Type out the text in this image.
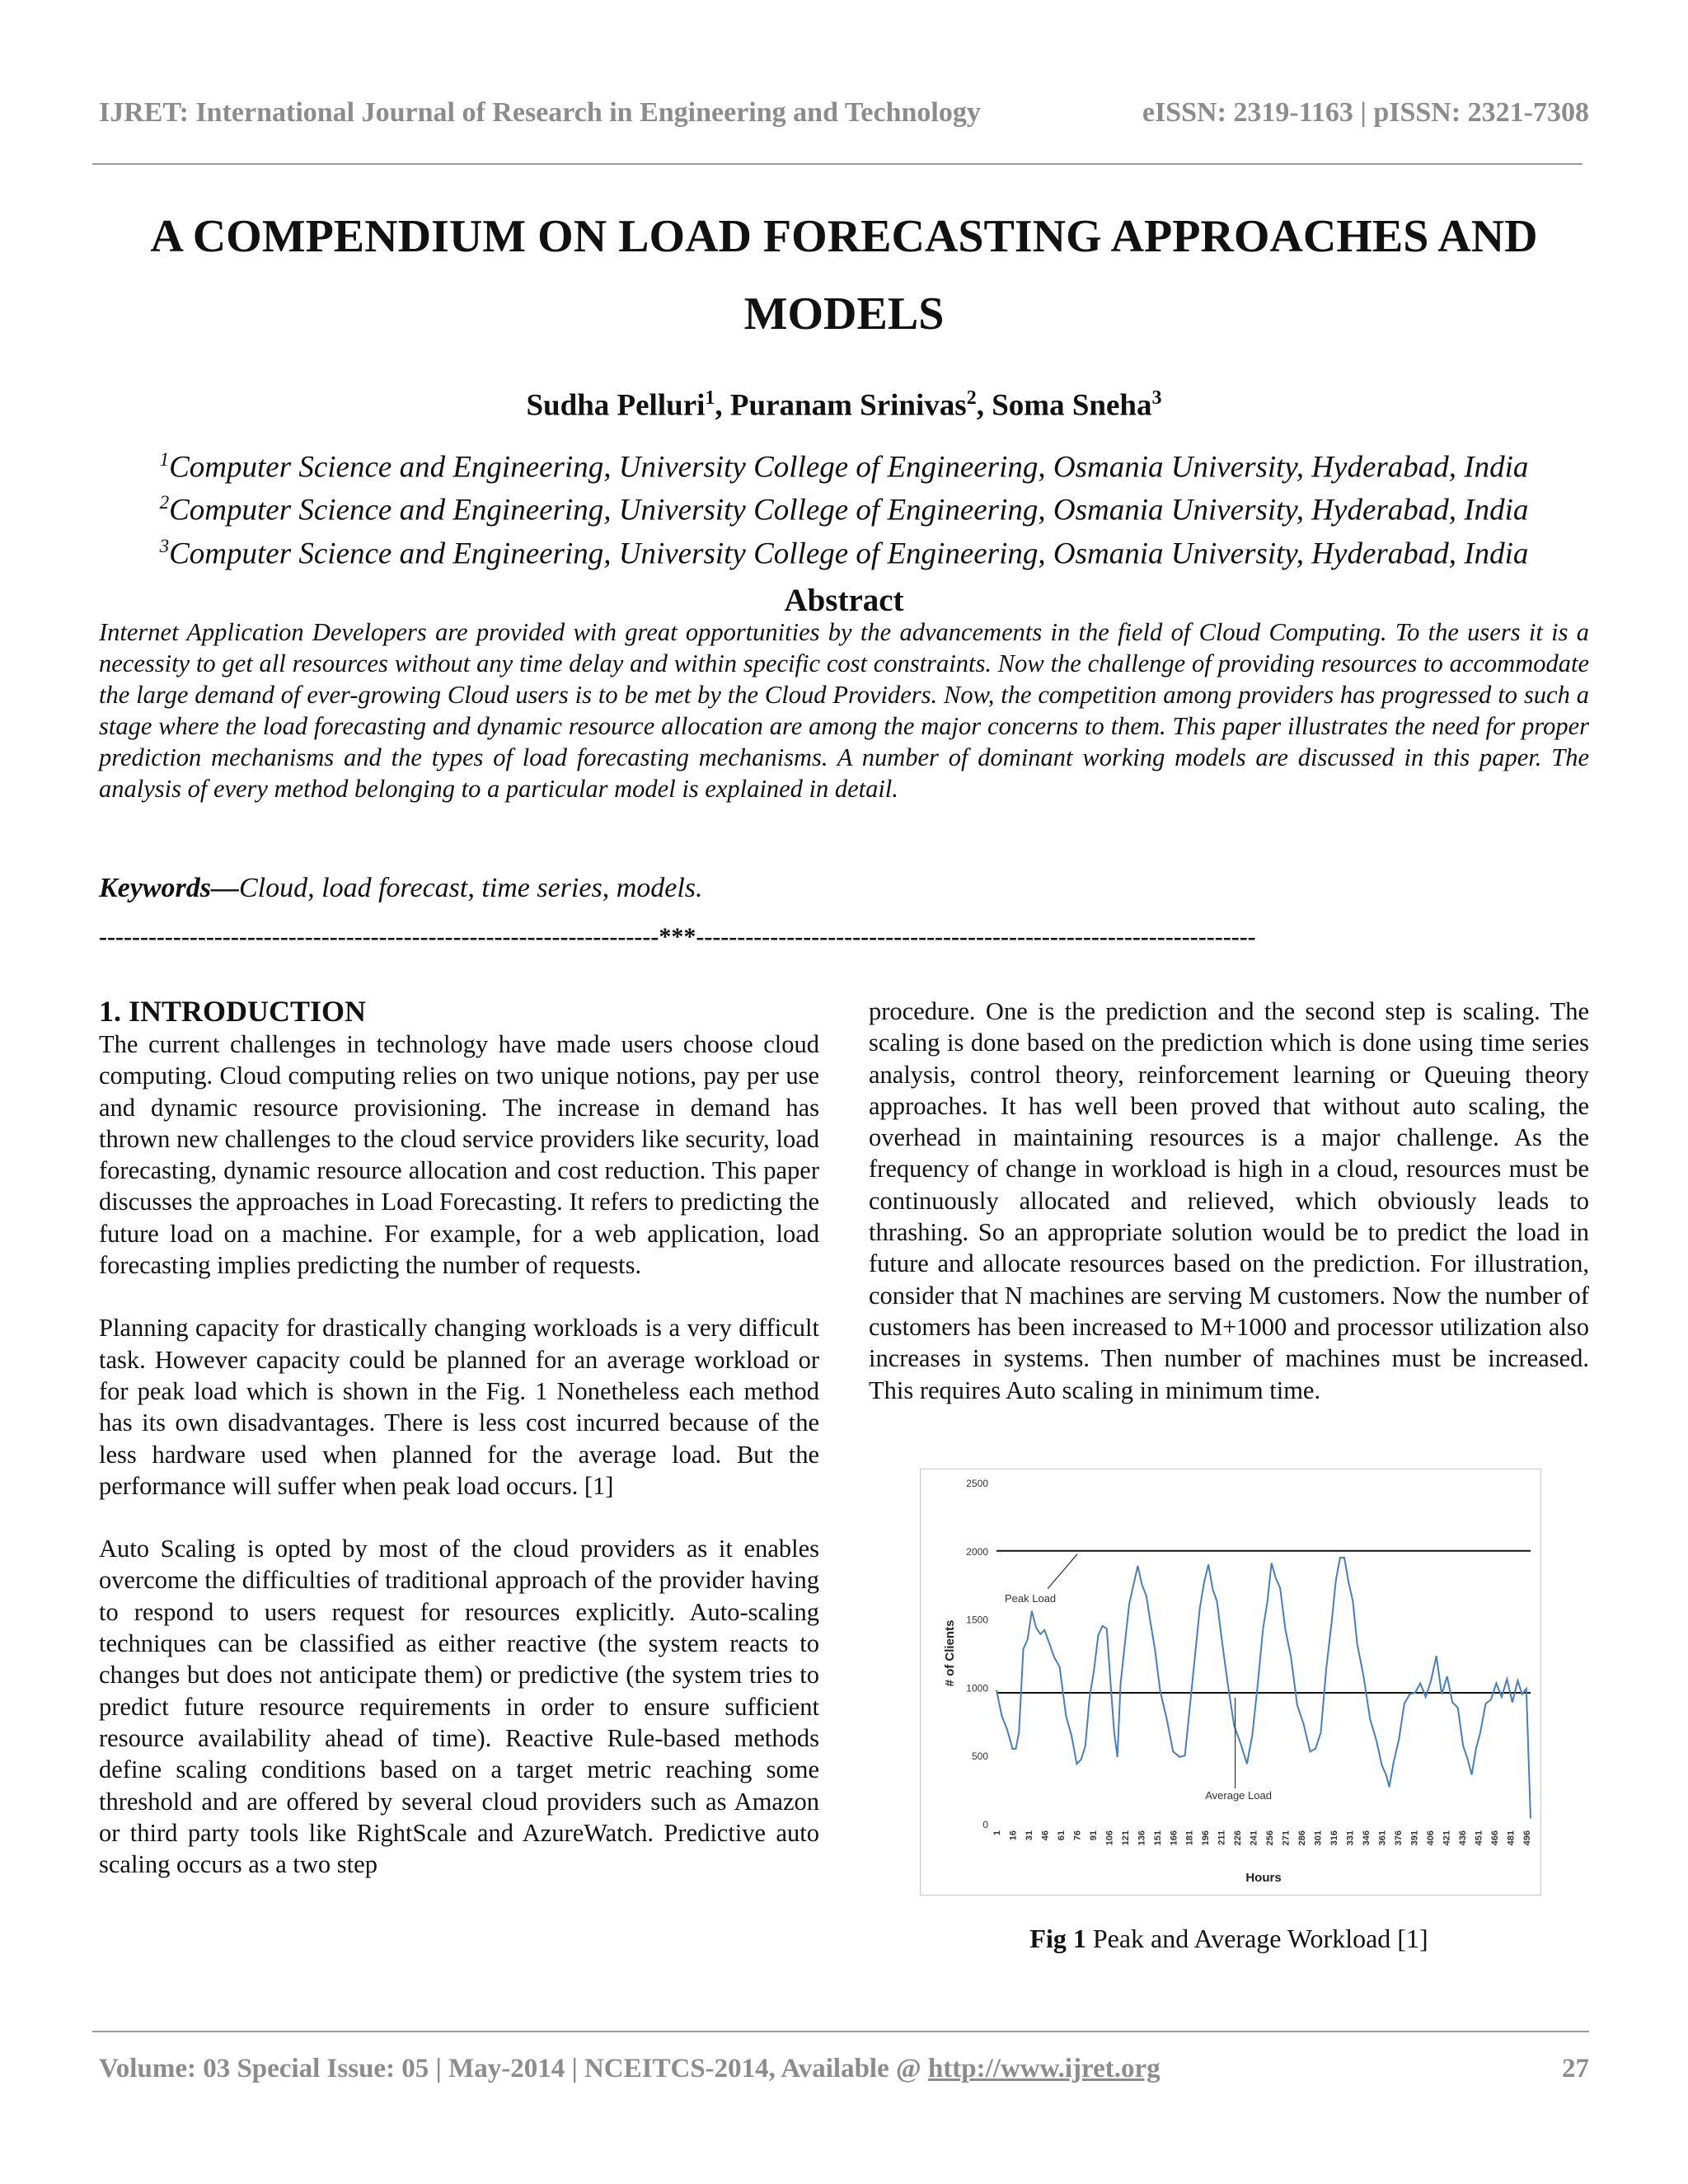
IJRET: International Journal of Research in Engineering and Technology	eISSN: 2319-1163 | pISSN: 2321-7308
A COMPENDIUM ON LOAD FORECASTING APPROACHES AND
MODELS
Sudha Pelluri$^1$, Puranam Srinivas$^2$, Soma Sneha$^3$
$^1$Computer Science and Engineering, University College of Engineering, Osmania University, Hyderabad, India
$^2$Computer Science and Engineering, University College of Engineering, Osmania University, Hyderabad, India
$^3$Computer Science and Engineering, University College of Engineering, Osmania University, Hyderabad, India
Abstract
Internet Application Developers are provided with great opportunities by the advancements in the field of Cloud Computing. To the users it is a necessity to get all resources without any time delay and within specific cost constraints. Now the challenge of providing resources to accommodate the large demand of ever-growing Cloud users is to be met by the Cloud Providers. Now, the competition among providers has progressed to such a stage where the load forecasting and dynamic resource allocation are among the major concerns to them. This paper illustrates the need for proper prediction mechanisms and the types of load forecasting mechanisms. A number of dominant working models are discussed in this paper. The analysis of every method belonging to a particular model is explained in detail.
Keywords—Cloud, load forecast, time series, models.
--------------------------------------------------------------------***--------------------------------------------------------------------
1. INTRODUCTION

The current challenges in technology have made users choose cloud computing. Cloud computing relies on two unique notions, pay per use and dynamic resource provisioning. The increase in demand has thrown new challenges to the cloud service providers like security, load forecasting, dynamic resource allocation and cost reduction. This paper discusses the approaches in Load Forecasting. It refers to predicting the future load on a machine. For example, for a web application, load forecasting implies predicting the number of requests.

Planning capacity for drastically changing workloads is a very difficult task. However capacity could be planned for an average workload or for peak load which is shown in the Fig. 1 Nonetheless each method has its own disadvantages. There is less cost incurred because of the less hardware used when planned for the average load. But the performance will suffer when peak load occurs. [1]

Auto Scaling is opted by most of the cloud providers as it enables overcome the difficulties of traditional approach of the provider having to respond to users request for resources explicitly. Auto-scaling techniques can be classified as either reactive (the system reacts to changes but does not anticipate them) or predictive (the system tries to predict future resource requirements in order to ensure sufficient resource availability ahead of time). Reactive Rule-based methods define scaling conditions based on a target metric reaching some threshold and are offered by several cloud providers such as Amazon or third party tools like RightScale and AzureWatch. Predictive auto scaling occurs as a two step

procedure. One is the prediction and the second step is scaling. The scaling is done based on the prediction which is done using time series analysis, control theory, reinforcement learning or Queuing theory approaches. It has well been proved that without auto scaling, the overhead in maintaining resources is a major challenge. As the frequency of change in workload is high in a cloud, resources must be continuously allocated and relieved, which obviously leads to thrashing. So an appropriate solution would be to predict the load in future and allocate resources based on the prediction. For illustration, consider that N machines are serving M customers. Now the number of customers has been increased to M+1000 and processor utilization also increases in systems. Then number of machines must be increased. This requires Auto scaling in minimum time.

0
500
1000
1500
2000
2500
1 16 31 46 61 76 91 106 121 136 151 166 181 196 211 226 241 256 271 286 301 316 331 346 361 376 391 406 421 436 451 466 481 496
# of Clients
Hours
Peak Load
Average Load
Fig 1 Peak and Average Workload [1]
Volume: 03 Special Issue: 05 | May-2014 | NCEITCS-2014, Available @ http://www.ijret.org	27
